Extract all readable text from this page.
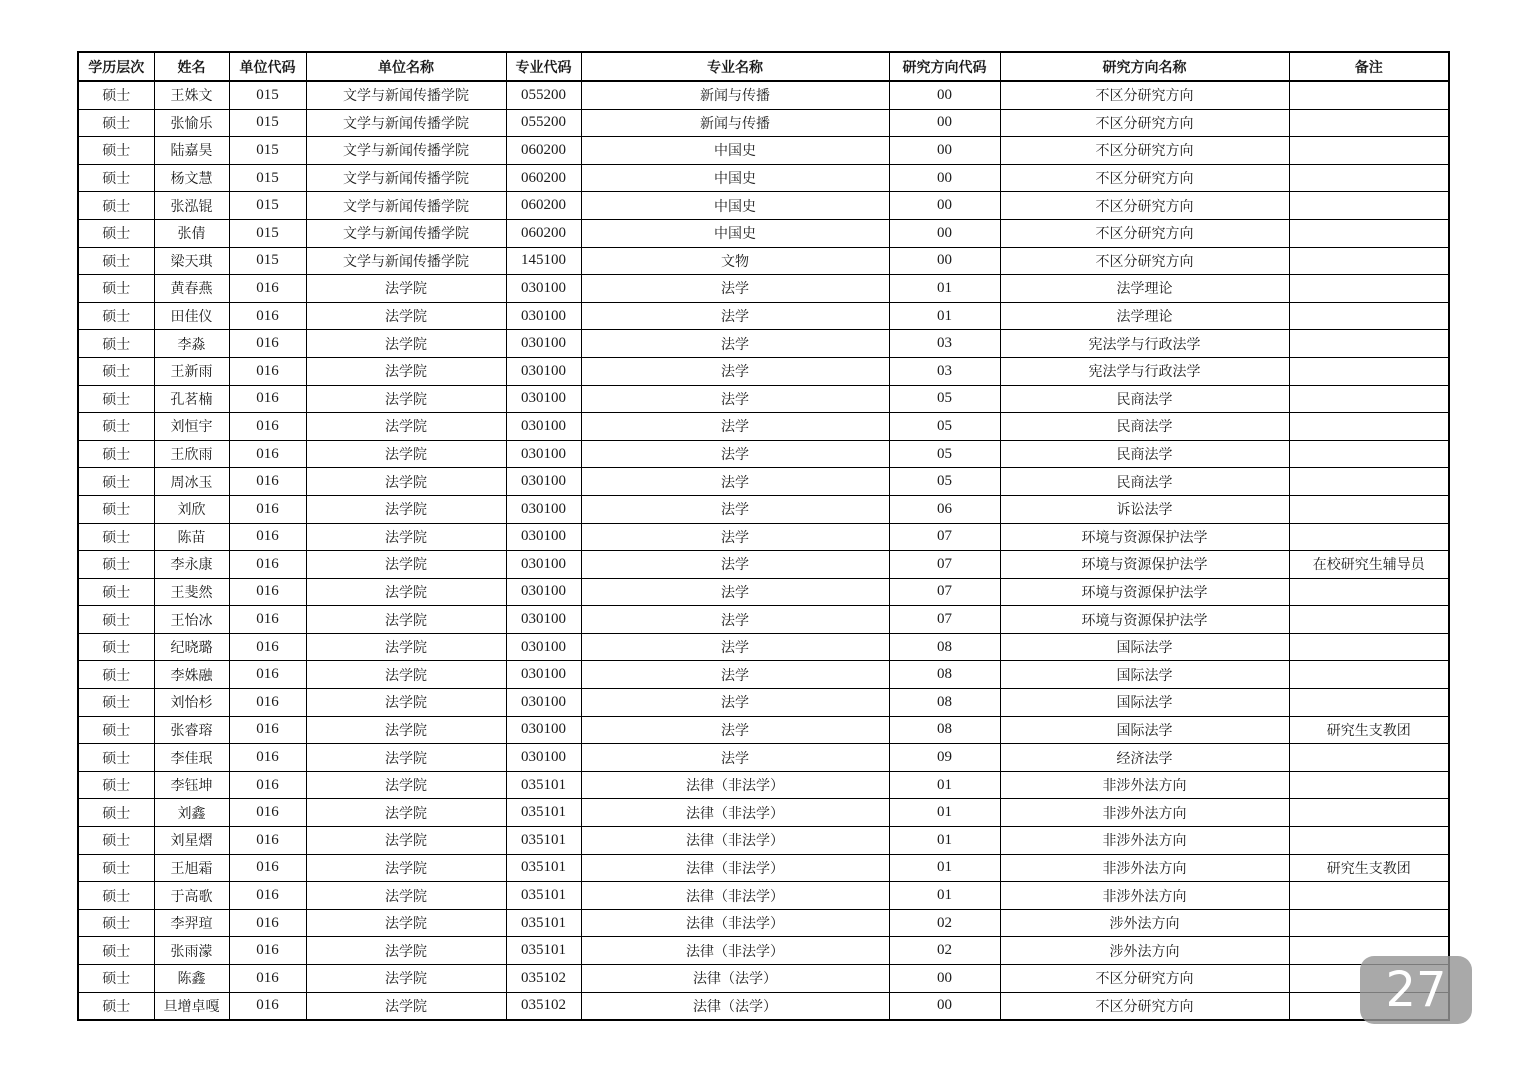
学历层次	姓名	单位代码	单位名称	专业代码	专业名称	研究方向代码	研究方向名称	备注
硕士	王姝文	015	文学与新闻传播学院	055200	新闻与传播	00	不区分研究方向	
硕士	张愉乐	015	文学与新闻传播学院	055200	新闻与传播	00	不区分研究方向	
硕士	陆嘉昊	015	文学与新闻传播学院	060200	中国史	00	不区分研究方向	
硕士	杨文慧	015	文学与新闻传播学院	060200	中国史	00	不区分研究方向	
硕士	张泓锟	015	文学与新闻传播学院	060200	中国史	00	不区分研究方向	
硕士	张倩	015	文学与新闻传播学院	060200	中国史	00	不区分研究方向	
硕士	梁天琪	015	文学与新闻传播学院	145100	文物	00	不区分研究方向	
硕士	黄春燕	016	法学院	030100	法学	01	法学理论	
硕士	田佳仪	016	法学院	030100	法学	01	法学理论	
硕士	李淼	016	法学院	030100	法学	03	宪法学与行政法学	
硕士	王新雨	016	法学院	030100	法学	03	宪法学与行政法学	
硕士	孔茗楠	016	法学院	030100	法学	05	民商法学	
硕士	刘恒宇	016	法学院	030100	法学	05	民商法学	
硕士	王欣雨	016	法学院	030100	法学	05	民商法学	
硕士	周冰玉	016	法学院	030100	法学	05	民商法学	
硕士	刘欣	016	法学院	030100	法学	06	诉讼法学	
硕士	陈苗	016	法学院	030100	法学	07	环境与资源保护法学	
硕士	李永康	016	法学院	030100	法学	07	环境与资源保护法学	在校研究生辅导员
硕士	王斐然	016	法学院	030100	法学	07	环境与资源保护法学	
硕士	王怡冰	016	法学院	030100	法学	07	环境与资源保护法学	
硕士	纪晓璐	016	法学院	030100	法学	08	国际法学	
硕士	李姝融	016	法学院	030100	法学	08	国际法学	
硕士	刘怡杉	016	法学院	030100	法学	08	国际法学	
硕士	张睿瑢	016	法学院	030100	法学	08	国际法学	研究生支教团
硕士	李佳珉	016	法学院	030100	法学	09	经济法学	
硕士	李钰坤	016	法学院	035101	法律（非法学）	01	非涉外法方向	
硕士	刘鑫	016	法学院	035101	法律（非法学）	01	非涉外法方向	
硕士	刘星熠	016	法学院	035101	法律（非法学）	01	非涉外法方向	
硕士	王旭霜	016	法学院	035101	法律（非法学）	01	非涉外法方向	研究生支教团
硕士	于高歌	016	法学院	035101	法律（非法学）	01	非涉外法方向	
硕士	李羿瑄	016	法学院	035101	法律（非法学）	02	涉外法方向	
硕士	张雨濛	016	法学院	035101	法律（非法学）	02	涉外法方向	
硕士	陈鑫	016	法学院	035102	法律（法学）	00	不区分研究方向	
硕士	旦增卓嘎	016	法学院	035102	法律（法学）	00	不区分研究方向		27
